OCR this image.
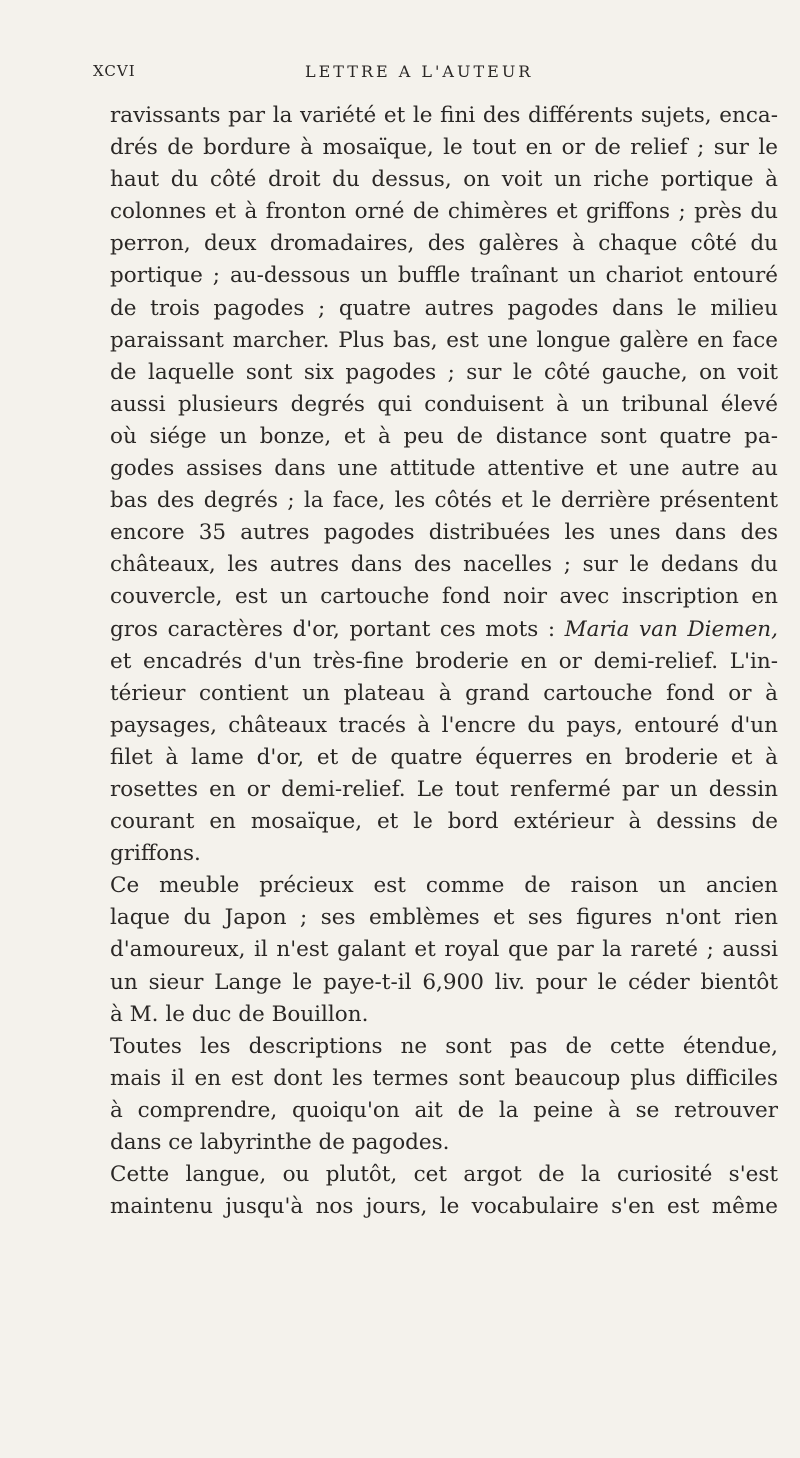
XCVI	LETTRE A L'AUTEUR
ravissants par la variété et le fini des différents sujets, enca-
drés de bordure à mosaïque, le tout en or de relief ; sur le
haut du côté droit du dessus, on voit un riche portique à
colonnes et à fronton orné de chimères et griffons ; près du
perron, deux dromadaires, des galères à chaque côté du
portique ; au-dessous un buffle traînant un chariot entouré
de trois pagodes ; quatre autres pagodes dans le milieu
paraissant marcher. Plus bas, est une longue galère en face
de laquelle sont six pagodes ; sur le côté gauche, on voit
aussi plusieurs degrés qui conduisent à un tribunal élevé
où siége un bonze, et à peu de distance sont quatre pa-
godes assises dans une attitude attentive et une autre au
bas des degrés ; la face, les côtés et le derrière présentent
encore 35 autres pagodes distribuées les unes dans des
châteaux, les autres dans des nacelles ; sur le dedans du
couvercle, est un cartouche fond noir avec inscription en
gros caractères d'or, portant ces mots : Maria van Diemen,
et encadrés d'un très-fine broderie en or demi-relief. L'in-
térieur contient un plateau à grand cartouche fond or à
paysages, châteaux tracés à l'encre du pays, entouré d'un
filet à lame d'or, et de quatre équerres en broderie et à
rosettes en or demi-relief. Le tout renfermé par un dessin
courant en mosaïque, et le bord extérieur à dessins de
griffons.
Ce meuble précieux est comme de raison un ancien
laque du Japon ; ses emblèmes et ses figures n'ont rien
d'amoureux, il n'est galant et royal que par la rareté ; aussi
un sieur Lange le paye-t-il 6,900 liv. pour le céder bientôt
à M. le duc de Bouillon.
Toutes les descriptions ne sont pas de cette étendue,
mais il en est dont les termes sont beaucoup plus difficiles
à comprendre, quoiqu'on ait de la peine à se retrouver
dans ce labyrinthe de pagodes.
Cette langue, ou plutôt, cet argot de la curiosité s'est
maintenu jusqu'à nos jours, le vocabulaire s'en est même
